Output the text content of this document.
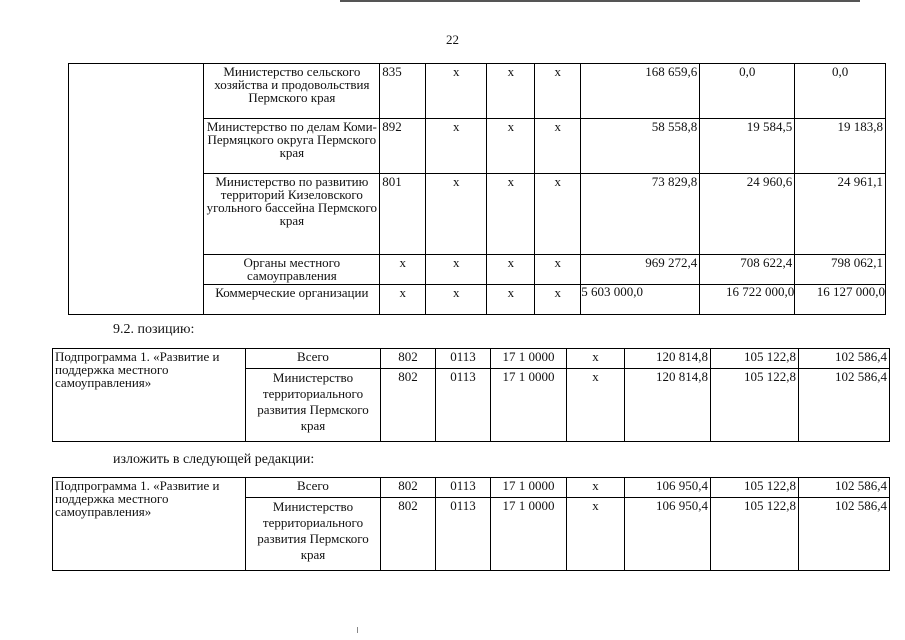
22
	Министерство сельского хозяйства и продовольствия Пермского края	835	х	х	х	168 659,6	0,0	0,0
	Министерство по делам Коми-Пермяцкого округа Пермского края	892	х	х	х	58 558,8	19 584,5	19 183,8
	Министерство по развитию территорий Кизеловского угольного бассейна Пермского края	801	х	х	х	73 829,8	24 960,6	24 961,1
	Органы местного самоуправления	х	х	х	х	969 272,4	708 622,4	798 062,1
	Коммерческие организации	х	х	х	х	5 603 000,0	16 722 000,0	16 127 000,0
9.2. позицию:
Подпрограмма 1. «Развитие и поддержка местного самоуправления»	Всего	802	0113	17 1 0000	х	120 814,8	105 122,8	102 586,4
	Министерство территориального развития Пермского края	802	0113	17 1 0000	х	120 814,8	105 122,8	102 586,4
изложить в следующей редакции:
Подпрограмма 1. «Развитие и поддержка местного самоуправления»	Всего	802	0113	17 1 0000	х	106 950,4	105 122,8	102 586,4
	Министерство территориального развития Пермского края	802	0113	17 1 0000	х	106 950,4	105 122,8	102 586,4
